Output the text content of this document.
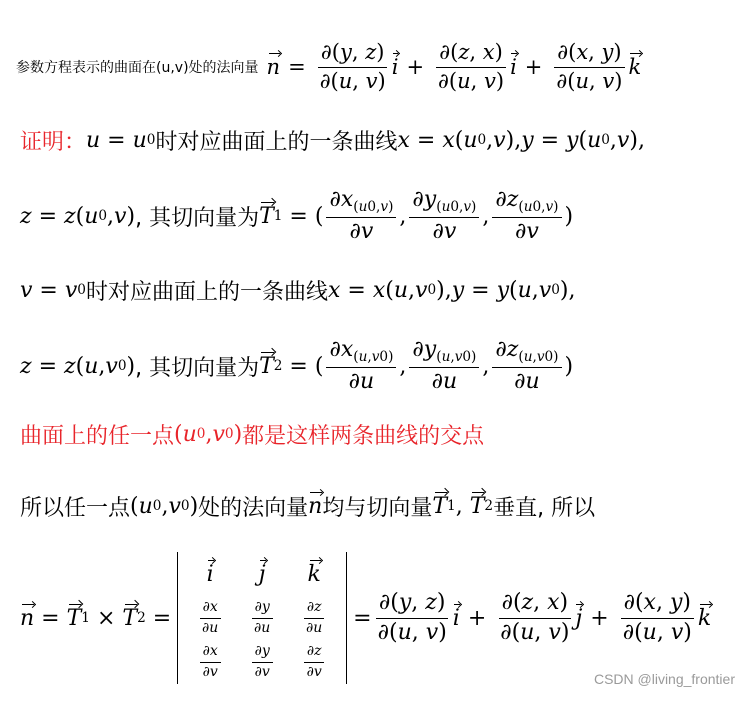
参数方程表示的曲面在(u,v)处的法向量 $n = \frac{\partial(y, z)}{\partial(u, v)}$ $i + \frac{\partial(z, x)}{\partial(u, v)}$ $i + \frac{\partial(x, y)}{\partial(u, v)}$ k
证明： u = u 0 时对应曲面上的一条曲线 x = x ( u 0 , v ), y = y ( u 0 , v ),
z = z ( u 0 , v ) , 其切向量为 T 1 = ( $\frac{\partial x_{(u0,v)}}{\partial v}$ , $\frac{\partial y_{(u0,v)}}{\partial v}$ , $\frac{\partial z_{(u0,v)}}{\partial v}$ )
v = v 0 时对应曲面上的一条曲线 x = x ( u , v 0 ), y = y ( u , v 0 ),
z = z ( u , v 0 ) , 其切向量为 T 2 = ( $\frac{\partial x_{(u,v0)}}{\partial u}$ , $\frac{\partial y_{(u,v0)}}{\partial u}$ , $\frac{\partial z_{(u,v0)}}{\partial u}$ )
曲面上的任一点 ( u 0 , v 0 ) 都是这样两条曲线的交点
所以任一点 ( u 0 , v 0 ) 处的法向量 n 均与切向量 T 1 , T 2 垂直, 所以
n = T 1 × T 2 =
i j k
$\frac{\partial x}{\partial u} \frac{\partial y}{\partial u} \frac{\partial z}{\partial u}$
$\frac{\partial x}{\partial v} \frac{\partial y}{\partial v} \frac{\partial z}{\partial v}$
= $\frac{\partial(y, z)}{\partial(u, v)}$ $i + \frac{\partial(z, x)}{\partial(u, v)}$ $j + \frac{\partial(x, y)}{\partial(u, v)}$ k
CSDN @living_frontier
